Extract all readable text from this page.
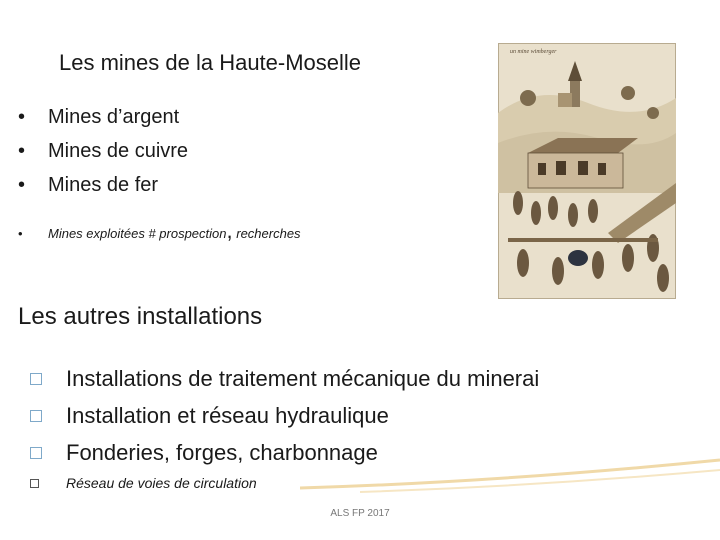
Les mines de la Haute-Moselle
• Mines d’argent
• Mines de cuivre
• Mines de fer
• Mines exploitées # prospection, recherches
un mine wimberger
Les autres installations
Installations de traitement mécanique du minerai
Installation et réseau hydraulique
Fonderies, forges, charbonnage
Réseau de voies de circulation
ALS FP 2017
